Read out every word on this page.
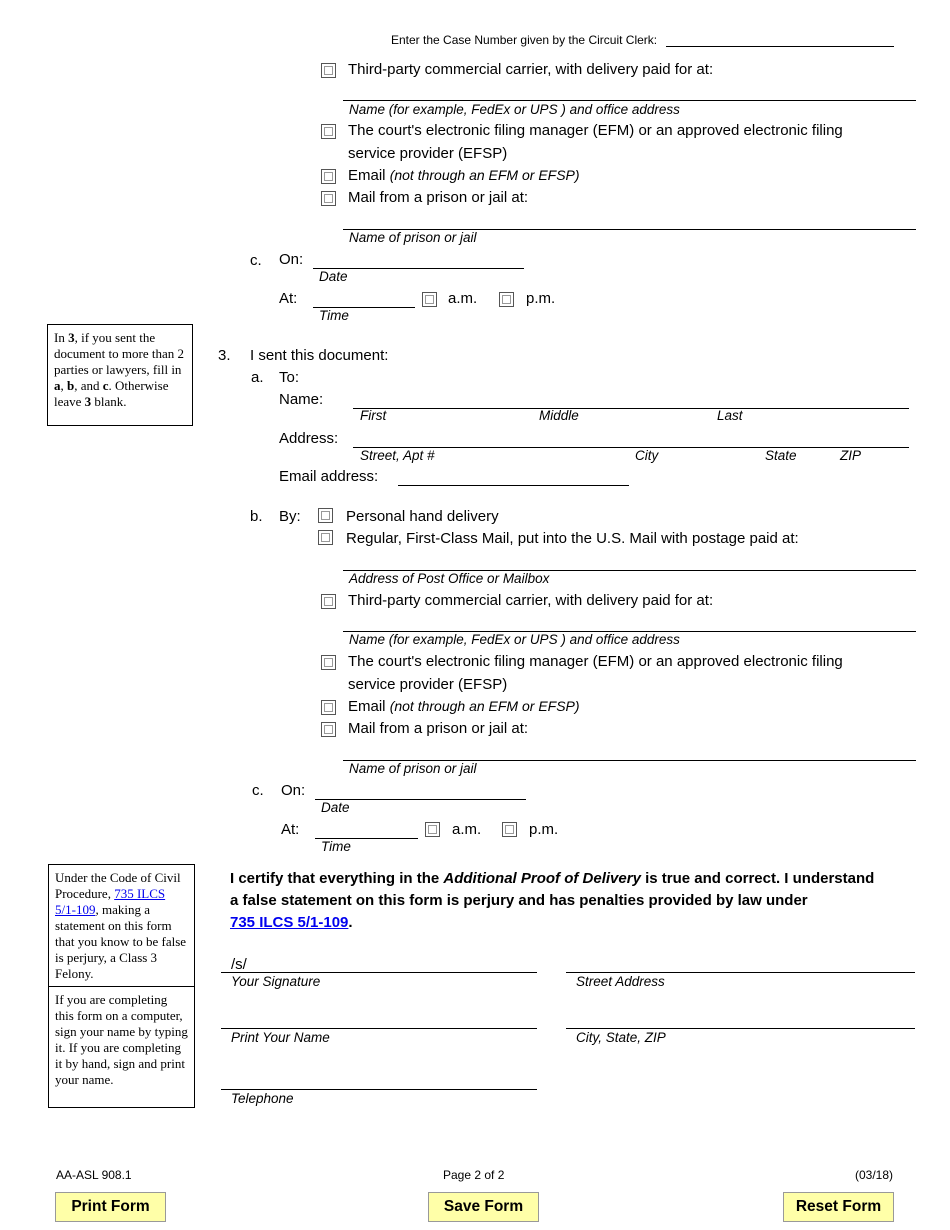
Enter the Case Number given by the Circuit Clerk:
Third-party commercial carrier, with delivery paid for at:
Name (for example, FedEx or UPS ) and office address
The court's electronic filing manager (EFM) or an approved electronic filing
service provider (EFSP)
Email (not through an EFM or EFSP)
Mail from a prison or jail at:
Name of prison or jail
c. On:
Date
At:	a.m.	p.m.
Time
In 3, if you sent the document to more than 2 parties or lawyers, fill in a, b, and c. Otherwise leave 3 blank.
3. I sent this document:
a. To:
Name:
First	Middle	Last
Address:
Street, Apt #	City	State	ZIP
Email address:
b. By:	Personal hand delivery
Regular, First-Class Mail, put into the U.S. Mail with postage paid at:
Address of Post Office or Mailbox
Third-party commercial carrier, with delivery paid for at:
Name (for example, FedEx or UPS ) and office address
The court's electronic filing manager (EFM) or an approved electronic filing
service provider (EFSP)
Email (not through an EFM or EFSP)
Mail from a prison or jail at:
Name of prison or jail
c. On:
Date
At:	a.m.	p.m.
Time
Under the Code of Civil Procedure, 735 ILCS 5/1-109, making a statement on this form that you know to be false is perjury, a Class 3 Felony.
If you are completing this form on a computer, sign your name by typing it. If you are completing it by hand, sign and print your name.
I certify that everything in the Additional Proof of Delivery is true and correct. I understand
a false statement on this form is perjury and has penalties provided by law under
735 ILCS 5/1-109.
/s/
Your Signature	Street Address
Print Your Name	City, State, ZIP
Telephone
AA-ASL 908.1	Page 2 of 2	(03/18)
Print Form	Save Form	Reset Form
